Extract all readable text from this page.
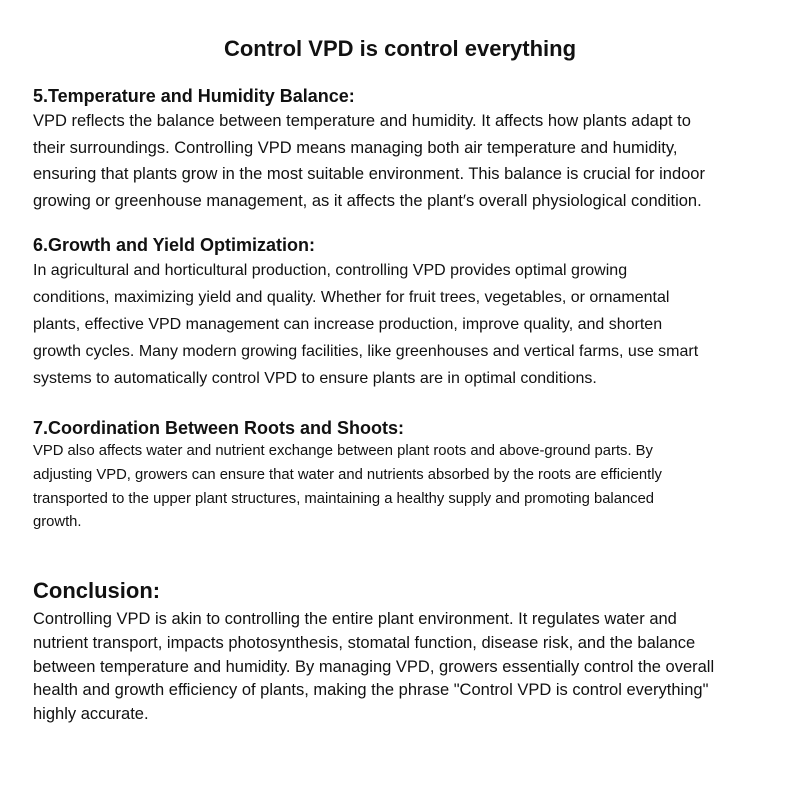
Control VPD is control everything
5.Temperature and Humidity Balance:
VPD reflects the balance between temperature and humidity. It affects how plants adapt to
their surroundings. Controlling VPD means managing both air temperature and humidity,
ensuring that plants grow in the most suitable environment. This balance is crucial for indoor
growing or greenhouse management, as it affects the plant′s overall physiological condition.
6.Growth and Yield Optimization:
In agricultural and horticultural production, controlling VPD provides optimal growing
conditions, maximizing yield and quality. Whether for fruit trees, vegetables, or ornamental
plants, effective VPD management can increase production, improve quality, and shorten
growth cycles. Many modern growing facilities, like greenhouses and vertical farms, use smart
systems to automatically control VPD to ensure plants are in optimal conditions.
7.Coordination Between Roots and Shoots:
VPD also affects water and nutrient exchange between plant roots and above-ground parts. By
adjusting VPD, growers can ensure that water and nutrients absorbed by the roots are efficiently
transported to the upper plant structures, maintaining a healthy supply and promoting balanced
growth.
Conclusion:
Controlling VPD is akin to controlling the entire plant environment. It regulates water and
nutrient transport, impacts photosynthesis, stomatal function, disease risk, and the balance
between temperature and humidity. By managing VPD, growers essentially control the overall
health and growth efficiency of plants, making the phrase "Control VPD is control everything"
highly accurate.
